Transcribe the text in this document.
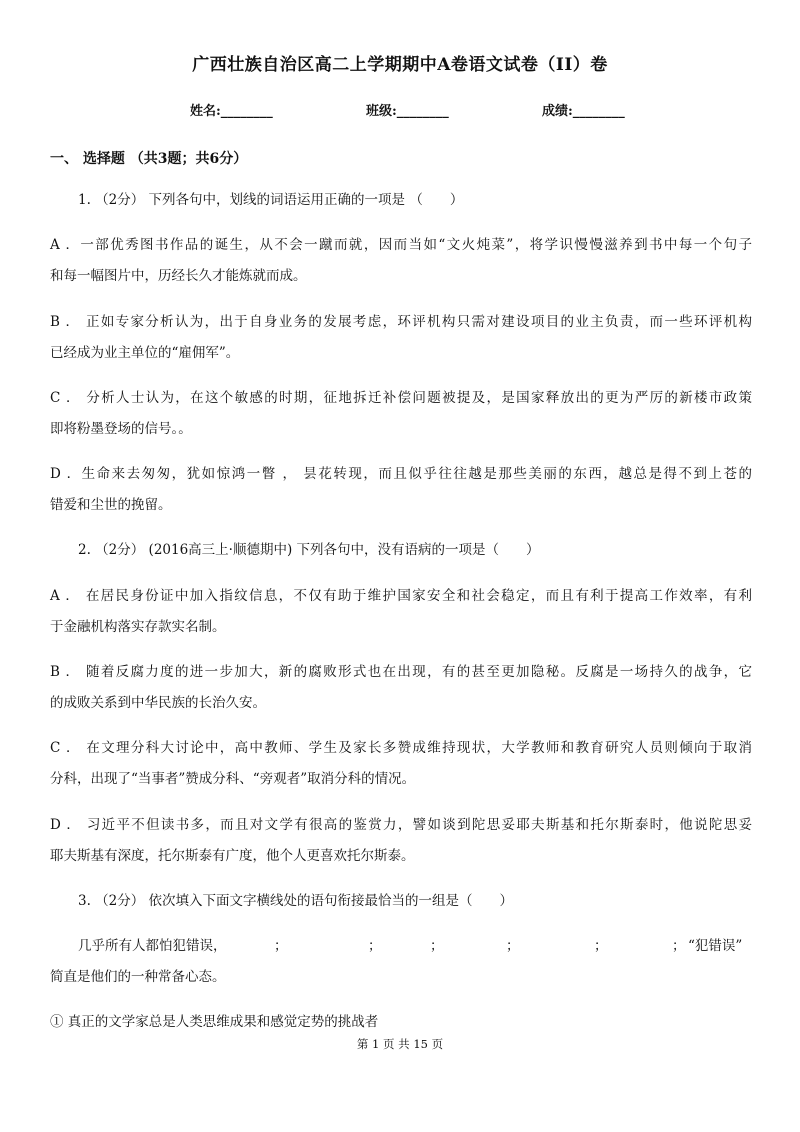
广西壮族自治区高二上学期期中A卷语文试卷（II）卷
姓名:________	班级:________	成绩:________
一、 选择题 （共3题；共6分）
1. （2分） 下列各句中，划线的词语运用正确的一项是 （　　）
A ．一部优秀图书作品的诞生，从不会一蹴而就，因而当如“文火炖菜”，将学识慢慢滋养到书中每一个句子
和每一幅图片中，历经长久才能炼就而成。
B ． 正如专家分析认为，出于自身业务的发展考虑，环评机构只需对建设项目的业主负责，而一些环评机构
已经成为业主单位的“雇佣军”。
C ． 分析人士认为，在这个敏感的时期，征地拆迁补偿问题被提及，是国家释放出的更为严厉的新楼市政策
即将粉墨登场的信号。。
D ．生命来去匆匆，犹如惊鸿一瞥 ， 昙花转现，而且似乎往往越是那些美丽的东西，越总是得不到上苍的
错爱和尘世的挽留。
2. （2分） (2016高三上·顺德期中) 下列各句中，没有语病的一项是（　　）
A ． 在居民身份证中加入指纹信息，不仅有助于维护国家安全和社会稳定，而且有利于提高工作效率，有利
于金融机构落实存款实名制。
B ． 随着反腐力度的进一步加大，新的腐败形式也在出现，有的甚至更加隐秘。反腐是一场持久的战争，它
的成败关系到中华民族的长治久安。
C ． 在文理分科大讨论中，高中教师、学生及家长多赞成维持现状，大学教师和教育研究人员则倾向于取消
分科，出现了“当事者”赞成分科、“旁观者”取消分科的情况。
D ． 习近平不但读书多，而且对文学有很高的鉴赏力，譬如谈到陀思妥耶夫斯基和托尔斯泰时，他说陀思妥
耶夫斯基有深度，托尔斯泰有广度，他个人更喜欢托尔斯泰。
3. （2分） 依次填入下面文字横线处的语句衔接最恰当的一组是（　　）
几乎所有人都怕犯错误，	；	；	；	；	；	； “犯错误”
简直是他们的一种常备心态。
① 真正的文学家总是人类思维成果和感觉定势的挑战者
第 1 页 共 15 页
